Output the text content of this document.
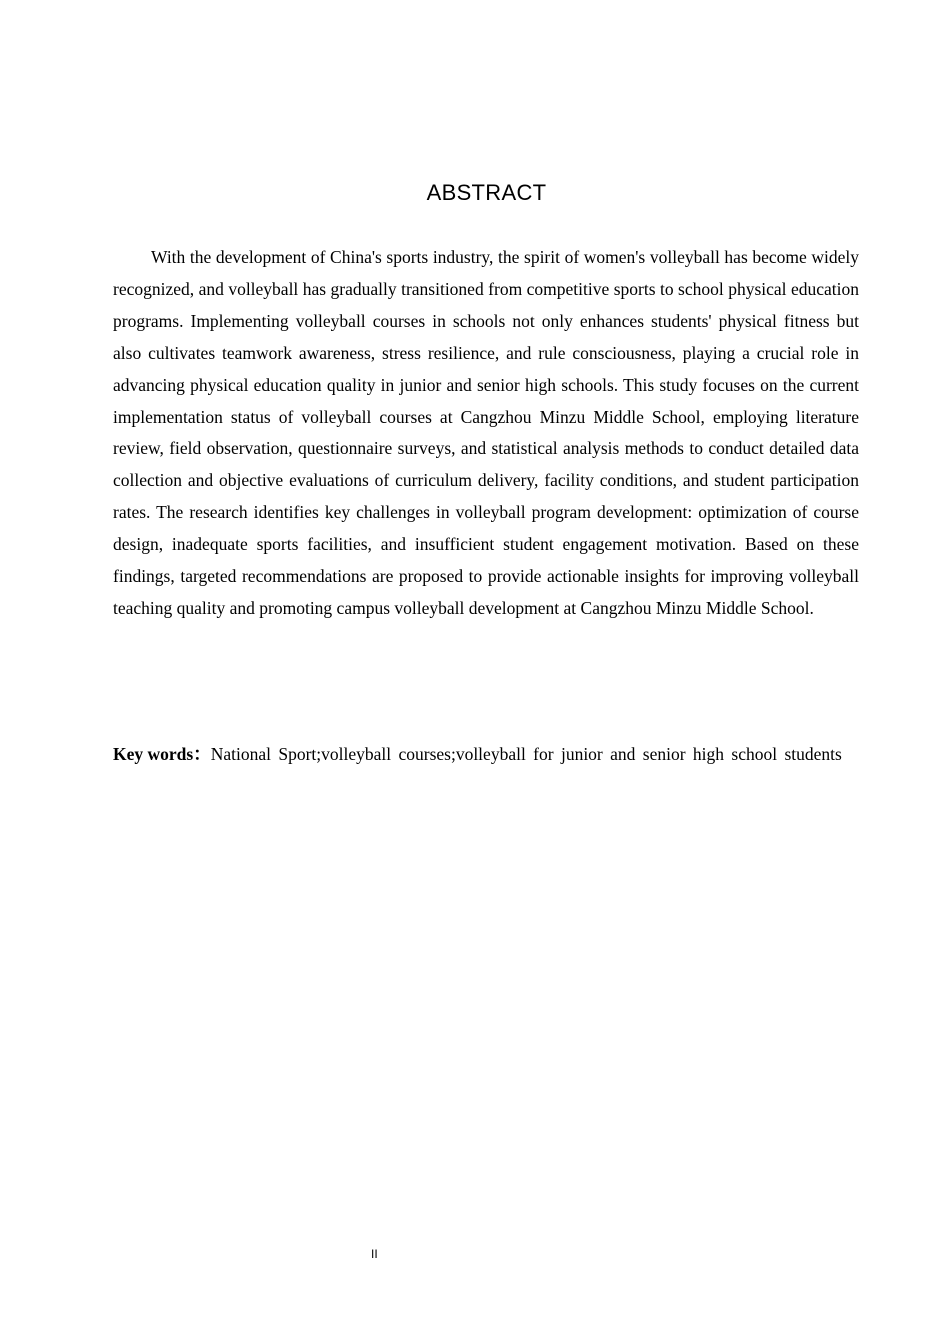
ABSTRACT

With the development of China's sports industry, the spirit of women's volleyball has become widely recognized, and volleyball has gradually transitioned from competitive sports to school physical education programs. Implementing volleyball courses in schools not only enhances students' physical fitness but also cultivates teamwork awareness, stress resilience, and rule consciousness, playing a crucial role in advancing physical education quality in junior and senior high schools. This study focuses on the current implementation status of volleyball courses at Cangzhou Minzu Middle School, employing literature review, field observation, questionnaire surveys, and statistical analysis methods to conduct detailed data collection and objective evaluations of curriculum delivery, facility conditions, and student participation rates. The research identifies key challenges in volleyball program development: optimization of course design, inadequate sports facilities, and insufficient student engagement motivation. Based on these findings, targeted recommendations are proposed to provide actionable insights for improving volleyball teaching quality and promoting campus volleyball development at Cangzhou Minzu Middle School.

Key words：National Sport;volleyball courses;volleyball for junior and senior high school students

II
